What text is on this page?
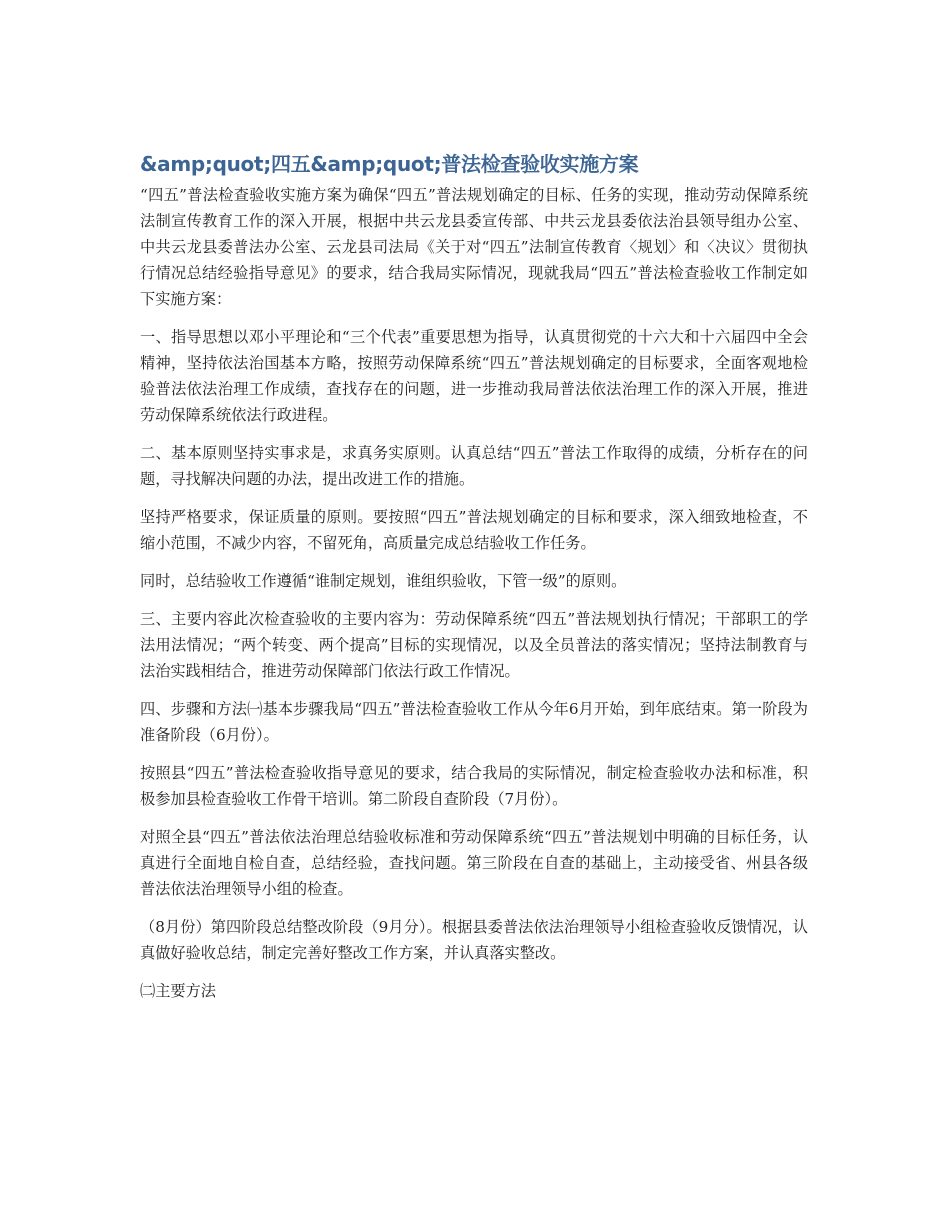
&amp;quot;四五&amp;quot;普法检查验收实施方案

“四五”普法检查验收实施方案为确保“四五”普法规划确定的目标、任务的实现，推动劳动保障系统法制宣传教育工作的深入开展，根据中共云龙县委宣传部、中共云龙县委依法治县领导组办公室、中共云龙县委普法办公室、云龙县司法局《关于对“四五”法制宣传教育〈规划〉和〈决议〉贯彻执行情况总结经验指导意见》的要求，结合我局实际情况，现就我局“四五”普法检查验收工作制定如下实施方案：

一、指导思想以邓小平理论和“三个代表”重要思想为指导，认真贯彻党的十六大和十六届四中全会精神，坚持依法治国基本方略，按照劳动保障系统“四五”普法规划确定的目标要求，全面客观地检验普法依法治理工作成绩，查找存在的问题，进一步推动我局普法依法治理工作的深入开展，推进劳动保障系统依法行政进程。

二、基本原则坚持实事求是，求真务实原则。认真总结“四五”普法工作取得的成绩，分析存在的问题，寻找解决问题的办法，提出改进工作的措施。

坚持严格要求，保证质量的原则。要按照“四五”普法规划确定的目标和要求，深入细致地检查，不缩小范围，不减少内容，不留死角，高质量完成总结验收工作任务。

同时，总结验收工作遵循“谁制定规划，谁组织验收，下管一级”的原则。

三、主要内容此次检查验收的主要内容为：劳动保障系统“四五”普法规划执行情况；干部职工的学法用法情况；“两个转变、两个提高”目标的实现情况，以及全员普法的落实情况；坚持法制教育与法治实践相结合，推进劳动保障部门依法行政工作情况。

四、步骤和方法㈠基本步骤我局“四五”普法检查验收工作从今年6月开始，到年底结束。第一阶段为准备阶段（6月份）。

按照县“四五”普法检查验收指导意见的要求，结合我局的实际情况，制定检查验收办法和标准，积极参加县检查验收工作骨干培训。第二阶段自查阶段（7月份）。

对照全县“四五”普法依法治理总结验收标准和劳动保障系统“四五”普法规划中明确的目标任务，认真进行全面地自检自查，总结经验，查找问题。第三阶段在自查的基础上，主动接受省、州县各级普法依法治理领导小组的检查。

（8月份）第四阶段总结整改阶段（9月分）。根据县委普法依法治理领导小组检查验收反馈情况，认真做好验收总结，制定完善好整改工作方案，并认真落实整改。

㈡主要方法
